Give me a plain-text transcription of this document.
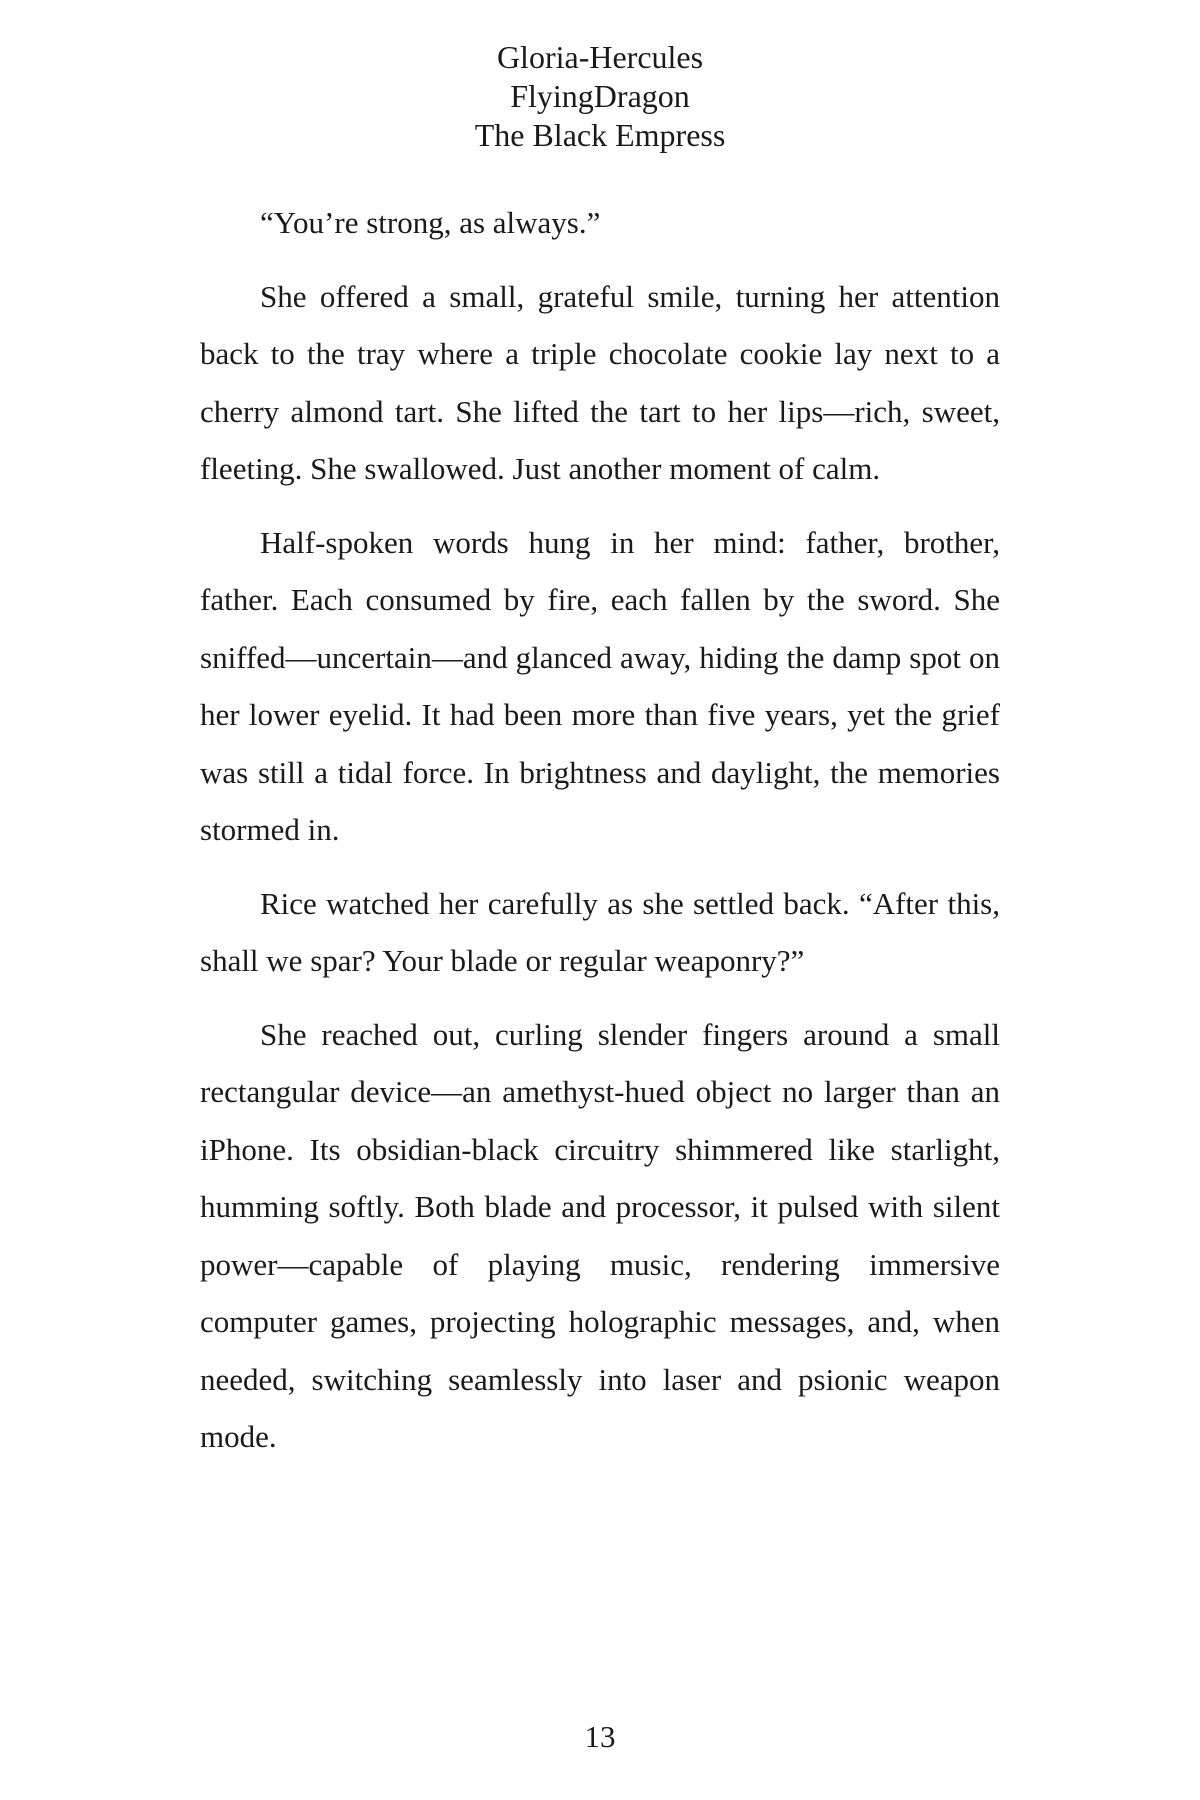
Gloria-Hercules
FlyingDragon
The Black Empress

“You’re strong, as always.”

She offered a small, grateful smile, turning her attention back to the tray where a triple chocolate cookie lay next to a cherry almond tart. She lifted the tart to her lips—rich, sweet, fleeting. She swallowed. Just another moment of calm.

Half-spoken words hung in her mind: father, brother, father. Each consumed by fire, each fallen by the sword. She sniffed—uncertain—and glanced away, hiding the damp spot on her lower eyelid. It had been more than five years, yet the grief was still a tidal force. In brightness and daylight, the memories stormed in.

Rice watched her carefully as she settled back. “After this, shall we spar? Your blade or regular weaponry?”

She reached out, curling slender fingers around a small rectangular device—an amethyst-hued object no larger than an iPhone. Its obsidian-black circuitry shimmered like starlight, humming softly. Both blade and processor, it pulsed with silent power—capable of playing music, rendering immersive computer games, projecting holographic messages, and, when needed, switching seamlessly into laser and psionic weapon mode.

13
